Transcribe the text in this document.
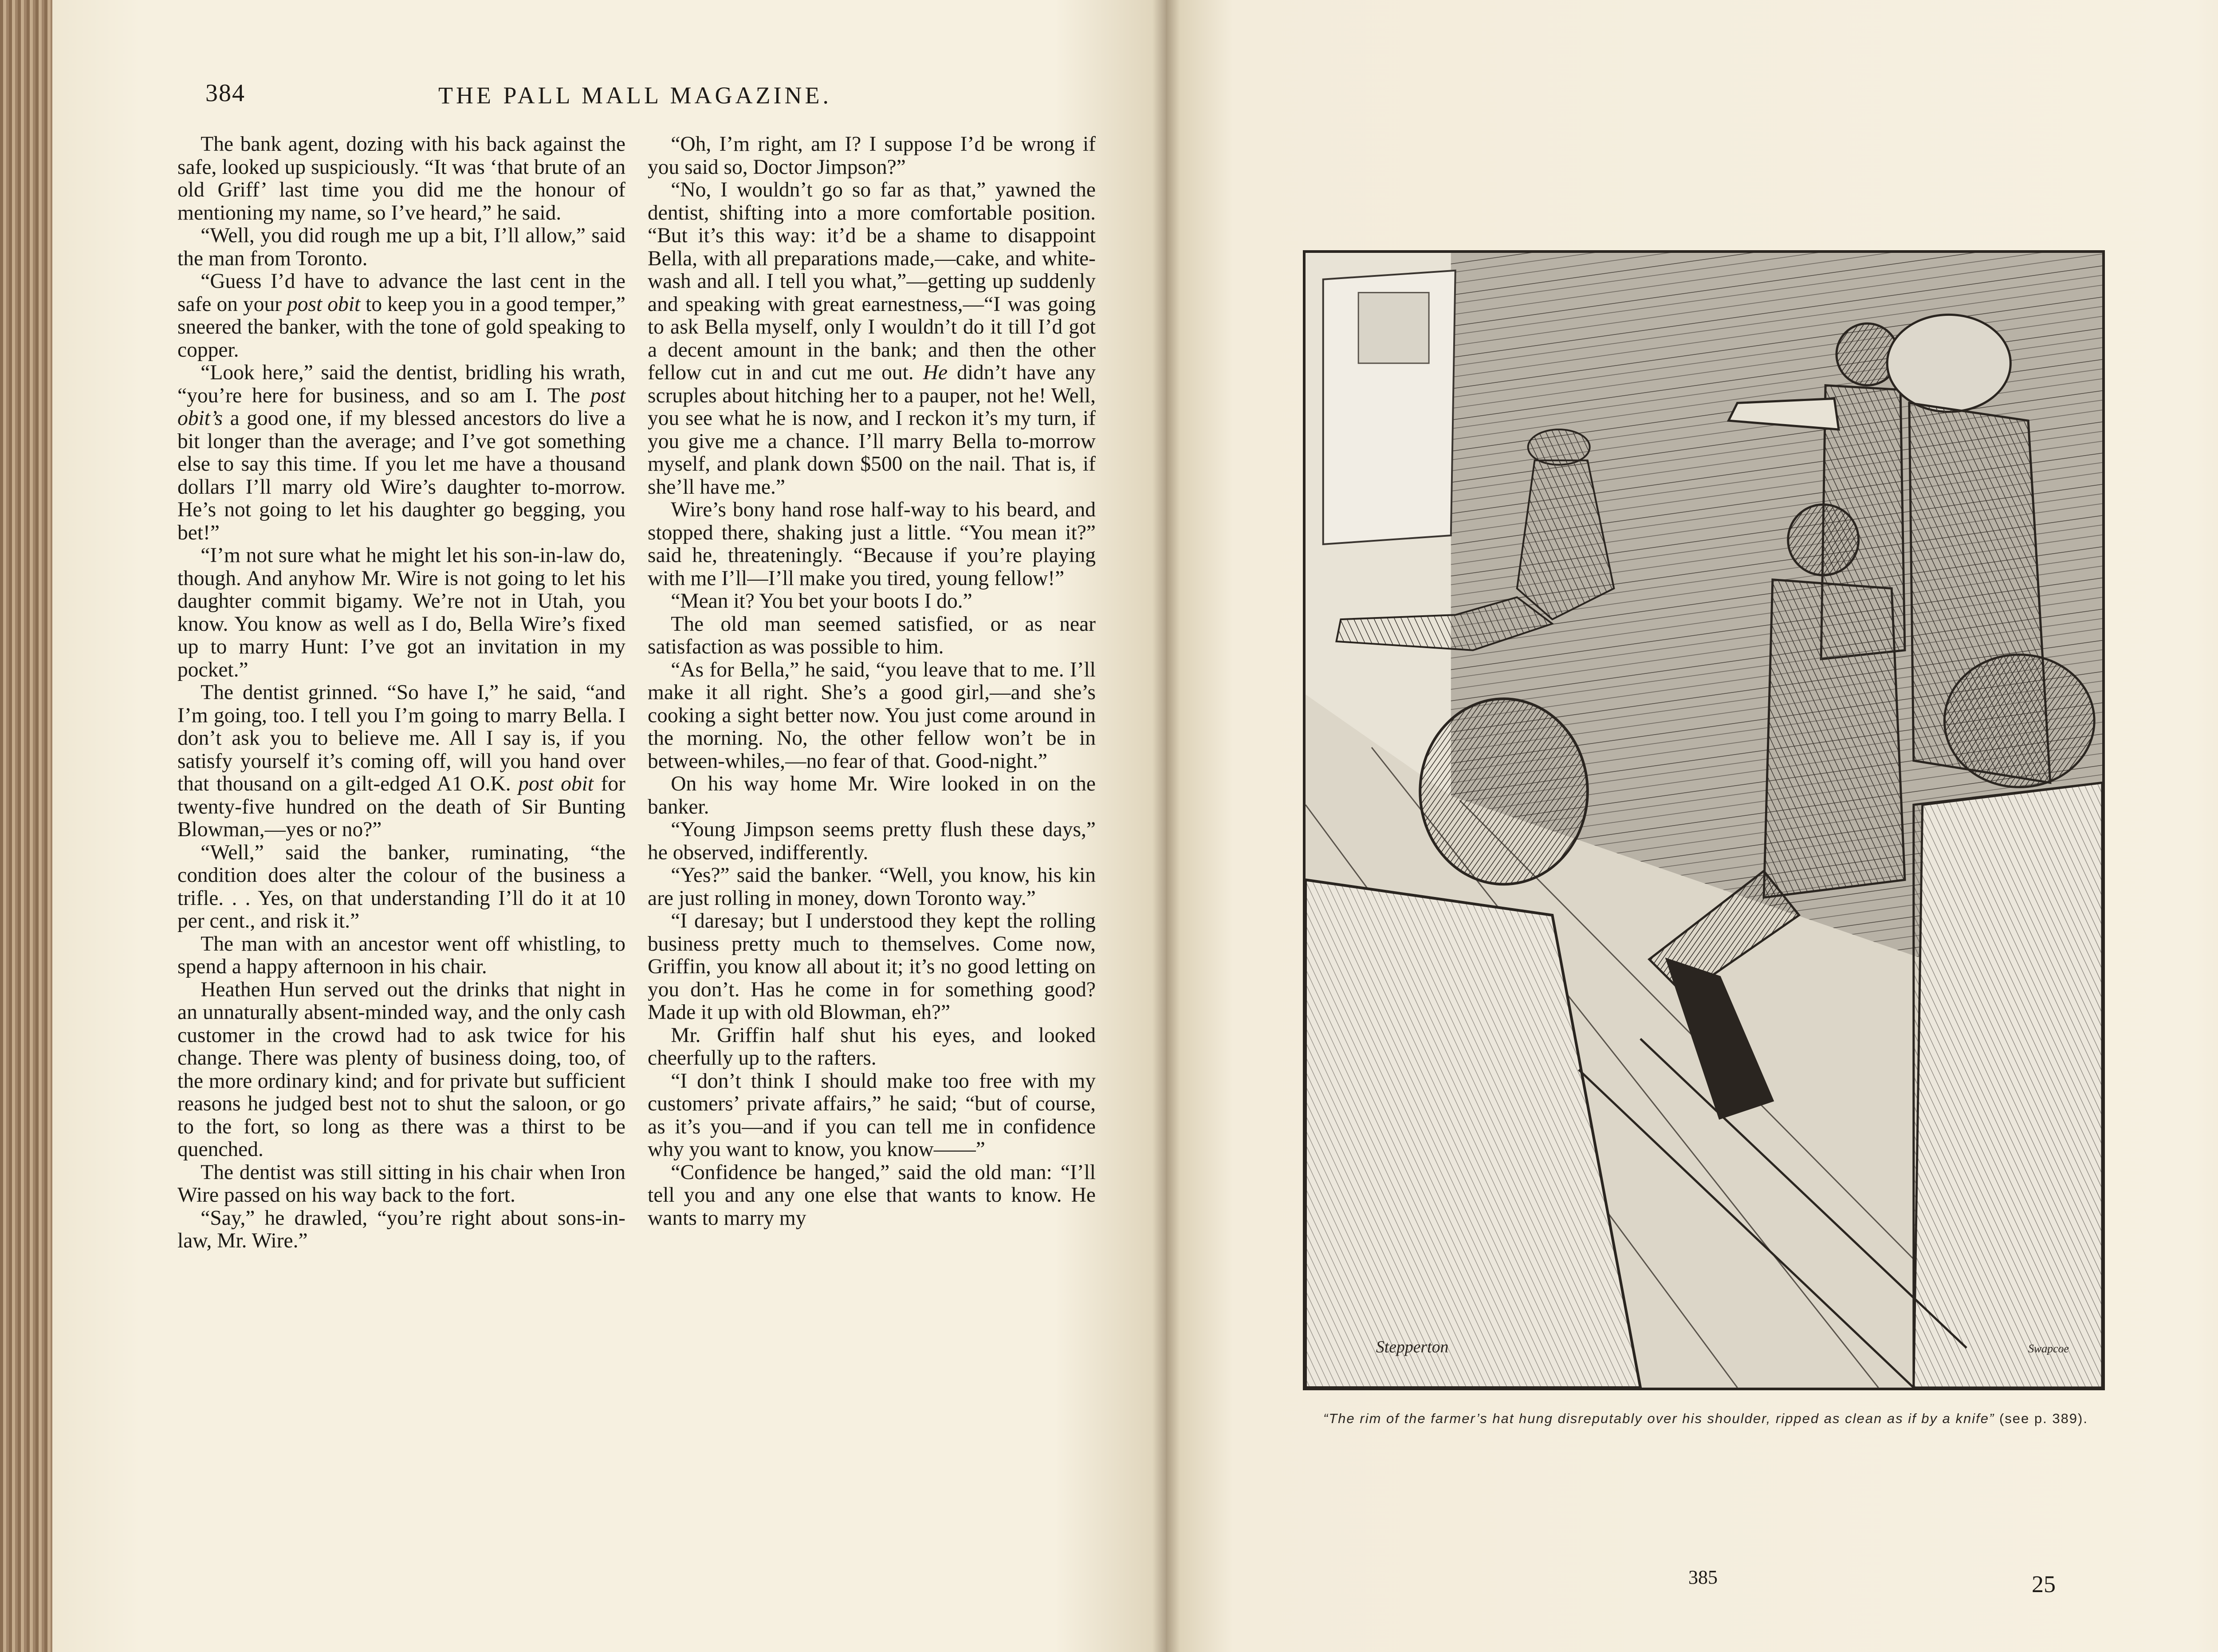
384	THE PALL MALL MAGAZINE.

The bank agent, dozing with his back against the safe, looked up suspiciously. “It was ‘that brute of an old Griff’ last time you did me the honour of mentioning my name, so I’ve heard,” he said.

“Well, you did rough me up a bit, I’ll allow,” said the man from Toronto.

“Guess I’d have to advance the last cent in the safe on your post obit to keep you in a good temper,” sneered the banker, with the tone of gold speaking to copper.

“Look here,” said the dentist, bridling his wrath, “you’re here for business, and so am I. The post obit’s a good one, if my blessed ancestors do live a bit longer than the average; and I’ve got something else to say this time. If you let me have a thousand dollars I’ll marry old Wire’s daughter to-morrow. He’s not going to let his daughter go begging, you bet!”

“I’m not sure what he might let his son-in-law do, though. And anyhow Mr. Wire is not going to let his daughter commit bigamy. We’re not in Utah, you know. You know as well as I do, Bella Wire’s fixed up to marry Hunt: I’ve got an invitation in my pocket.”

The dentist grinned. “So have I,” he said, “and I’m going, too. I tell you I’m going to marry Bella. I don’t ask you to believe me. All I say is, if you satisfy yourself it’s coming off, will you hand over that thousand on a gilt-edged A1 O.K. post obit for twenty-five hundred on the death of Sir Bunting Blowman,—yes or no?”

“Well,” said the banker, ruminating, “the condition does alter the colour of the business a trifle. . . Yes, on that understanding I’ll do it at 10 per cent., and risk it.”

The man with an ancestor went off whistling, to spend a happy afternoon in his chair.

Heathen Hun served out the drinks that night in an unnaturally absent-minded way, and the only cash customer in the crowd had to ask twice for his change. There was plenty of business doing, too, of the more ordinary kind; and for private but sufficient reasons he judged best not to shut the saloon, or go to the fort, so long as there was a thirst to be quenched.

The dentist was still sitting in his chair when Iron Wire passed on his way back to the fort.

“Say,” he drawled, “you’re right about sons-in-law, Mr. Wire.”

“Oh, I’m right, am I? I suppose I’d be wrong if you said so, Doctor Jimpson?”

“No, I wouldn’t go so far as that,” yawned the dentist, shifting into a more comfortable position. “But it’s this way: it’d be a shame to disappoint Bella, with all preparations made,—cake, and white-wash and all. I tell you what,”—getting up suddenly and speaking with great earnestness,—“I was going to ask Bella myself, only I wouldn’t do it till I’d got a decent amount in the bank; and then the other fellow cut in and cut me out. He didn’t have any scruples about hitching her to a pauper, not he! Well, you see what he is now, and I reckon it’s my turn, if you give me a chance. I’ll marry Bella to-morrow myself, and plank down $500 on the nail. That is, if she’ll have me.”

Wire’s bony hand rose half-way to his beard, and stopped there, shaking just a little. “You mean it?” said he, threateningly. “Because if you’re playing with me I’ll—I’ll make you tired, young fellow!”

“Mean it? You bet your boots I do.”

The old man seemed satisfied, or as near satisfaction as was possible to him.

“As for Bella,” he said, “you leave that to me. I’ll make it all right. She’s a good girl,—and she’s cooking a sight better now. You just come around in the morning. No, the other fellow won’t be in between-whiles,—no fear of that. Good-night.”

On his way home Mr. Wire looked in on the banker.

“Young Jimpson seems pretty flush these days,” he observed, indifferently.

“Yes?” said the banker. “Well, you know, his kin are just rolling in money, down Toronto way.”

“I daresay; but I understood they kept the rolling business pretty much to themselves. Come now, Griffin, you know all about it; it’s no good letting on you don’t. Has he come in for something good? Made it up with old Blowman, eh?”

Mr. Griffin half shut his eyes, and looked cheerfully up to the rafters.

“I don’t think I should make too free with my customers’ private affairs,” he said; “but of course, as it’s you—and if you can tell me in confidence why you want to know, you know——”

“Confidence be hanged,” said the old man: “I’ll tell you and any one else that wants to know. He wants to marry my

Stepperton	Swapcoe
“The rim of the farmer’s hat hung disreputably over his shoulder, ripped as clean as if by a knife” (see p. 389).
385	25
